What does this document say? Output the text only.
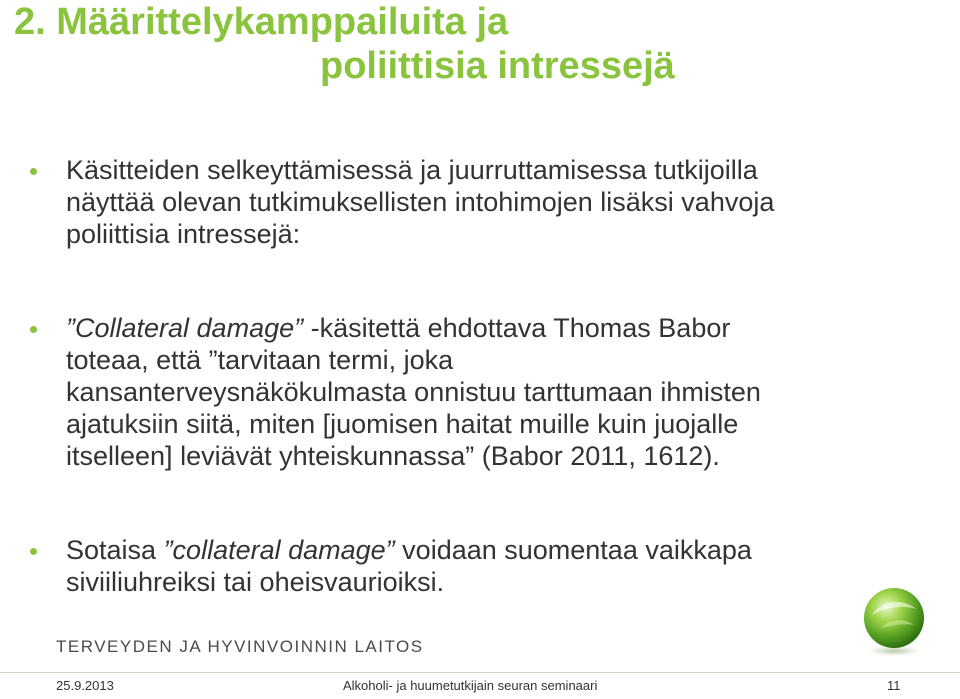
2. Määrittelykamppailuita ja
poliittisia intressejä
Käsitteiden selkeyttämisessä ja juurruttamisessa tutkijoilla
näyttää olevan tutkimuksellisten intohimojen lisäksi vahvoja
poliittisia intressejä:
”Collateral damage” -käsitettä ehdottava Thomas Babor
toteaa, että ”tarvitaan termi, joka
kansanterveysnäkökulmasta onnistuu tarttumaan ihmisten
ajatuksiin siitä, miten [juomisen haitat muille kuin juojalle
itselleen] leviävät yhteiskunnassa” (Babor 2011, 1612).
Sotaisa ”collateral damage” voidaan suomentaa vaikkapa
siviiliuhreiksi tai oheisvaurioiksi.
TERVEYDEN JA HYVINVOINNIN LAITOS
25.9.2013	Alkoholi- ja huumetutkijain seuran seminaari	11
